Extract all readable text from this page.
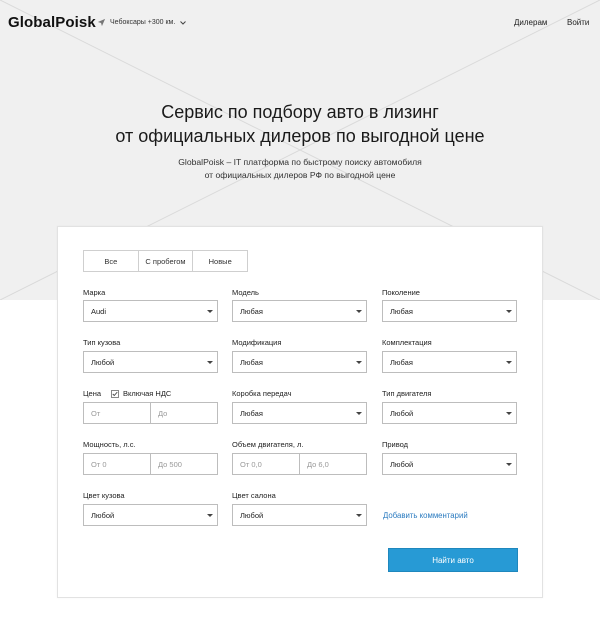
GlobalPoisk Чебоксары +300 км.	Дилерам Войти
Сервис по подбору авто в лизинг
от официальных дилеров по выгодной цене
GlobalPoisk – IT платформа по быстрому поиску автомобиля
от официальных дилеров РФ по выгодной цене
Все	С пробегом	Новые
Марка
Audi
Модель
Любая
Поколение
Любая
Тип кузова
Любой
Модификация
Любая
Комплектация
Любая
Цена	Включая НДС
От	До
Коробка передач
Любая
Тип двигателя
Любой
Мощность, л.с.
От 0	До 500
Объем двигателя, л.
От 0,0	До 6,0
Привод
Любой
Цвет кузова
Любой
Цвет салона
Любой	Добавить комментарий
Найти авто
